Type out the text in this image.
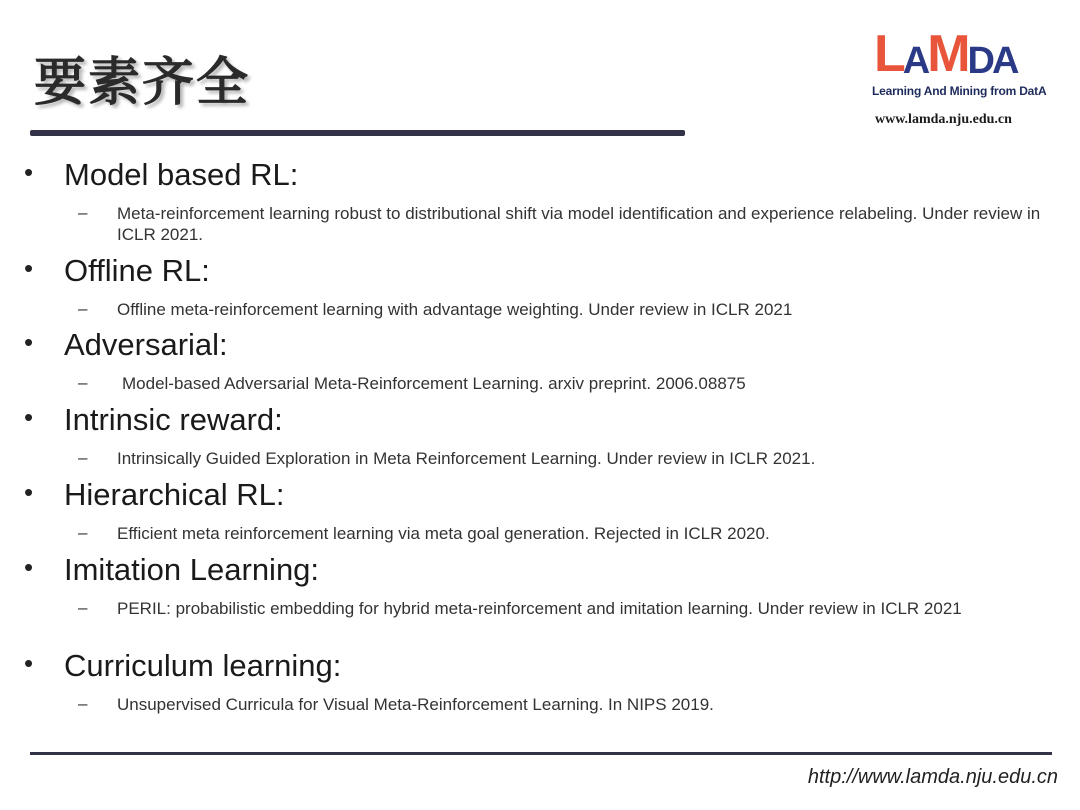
要素齐全	L A M D A
Learning And Mining from DatA
www.lamda.nju.edu.cn
• Model based RL:
– Meta-reinforcement learning robust to distributional shift via model identification and experience relabeling. Under review in ICLR 2021.
• Offline RL:
– Offline meta-reinforcement learning with advantage weighting. Under review in ICLR 2021
• Adversarial:
– Model-based Adversarial Meta-Reinforcement Learning. arxiv preprint. 2006.08875
• Intrinsic reward:
– Intrinsically Guided Exploration in Meta Reinforcement Learning. Under review in ICLR 2021.
• Hierarchical RL:
– Efficient meta reinforcement learning via meta goal generation. Rejected in ICLR 2020.
• Imitation Learning:
– PERIL: probabilistic embedding for hybrid meta-reinforcement and imitation learning. Under review in ICLR 2021
• Curriculum learning:
– Unsupervised Curricula for Visual Meta-Reinforcement Learning. In NIPS 2019.
http://www.lamda.nju.edu.cn
